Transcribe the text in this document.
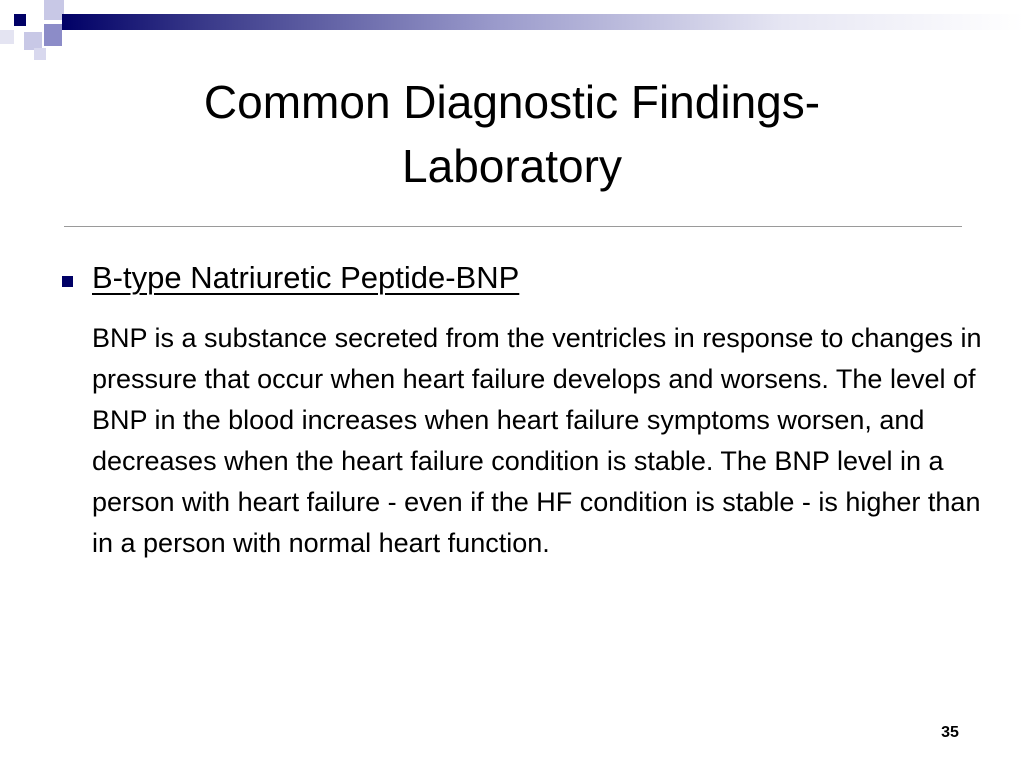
Common Diagnostic Findings-
Laboratory
B-type Natriuretic Peptide-BNP

BNP is a substance secreted from the ventricles in response to changes in pressure that occur when heart failure develops and worsens. The level of BNP in the blood increases when heart failure symptoms worsen, and decreases when the heart failure condition is stable. The BNP level in a person with heart failure - even if the HF condition is stable - is higher than in a person with normal heart function.

35
